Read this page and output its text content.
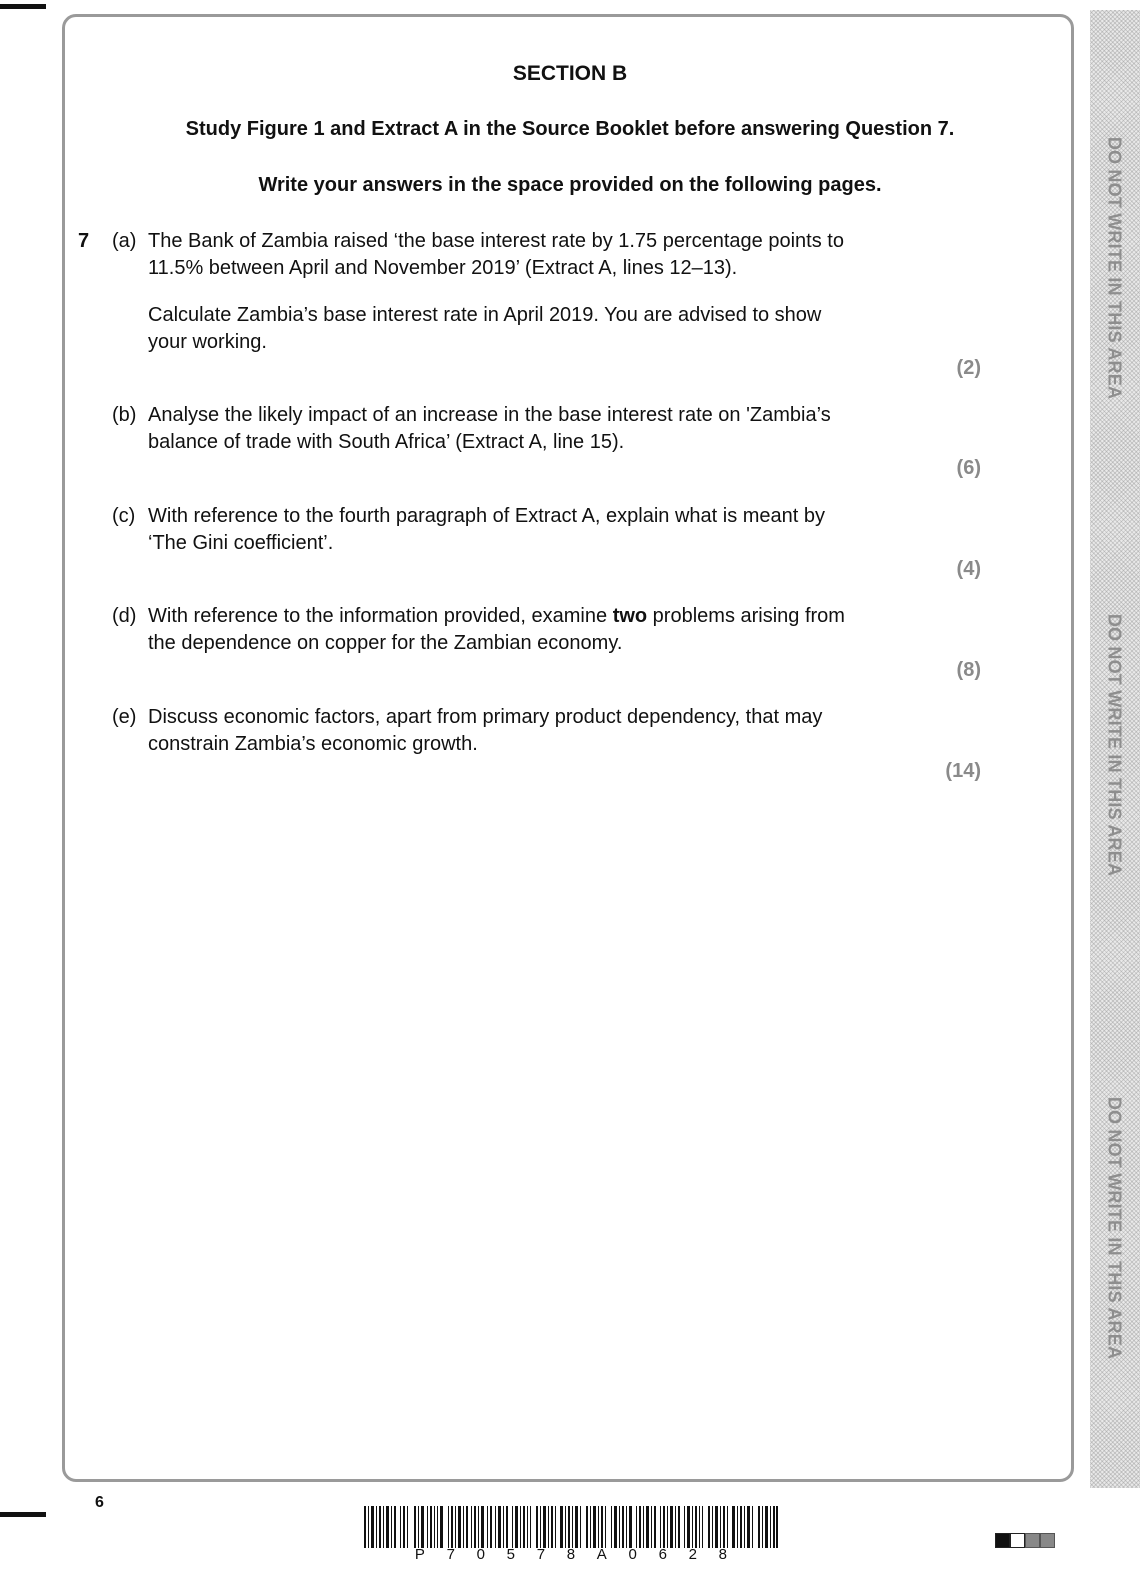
DO NOT WRITE IN THIS AREA
DO NOT WRITE IN THIS AREA
DO NOT WRITE IN THIS AREA
SECTION B
Study Figure 1 and Extract A in the Source Booklet before answering Question 7.
Write your answers in the space provided on the following pages.
7 (a) The Bank of Zambia raised ‘the base interest rate by 1.75 percentage points to
11.5% between April and November 2019’ (Extract A, lines 12–13).
Calculate Zambia’s base interest rate in April 2019. You are advised to show
your working.
(2)
(b) Analyse the likely impact of an increase in the base interest rate on 'Zambia’s
balance of trade with South Africa’ (Extract A, line 15).
(6)
(c) With reference to the fourth paragraph of Extract A, explain what is meant by
‘The Gini coefficient’.
(4)
(d) With reference to the information provided, examine two problems arising from
the dependence on copper for the Zambian economy.
(8)
(e) Discuss economic factors, apart from primary product dependency, that may
constrain Zambia’s economic growth.
(14)
6
P 7 0 5 7 8 A 0 6 2 8
